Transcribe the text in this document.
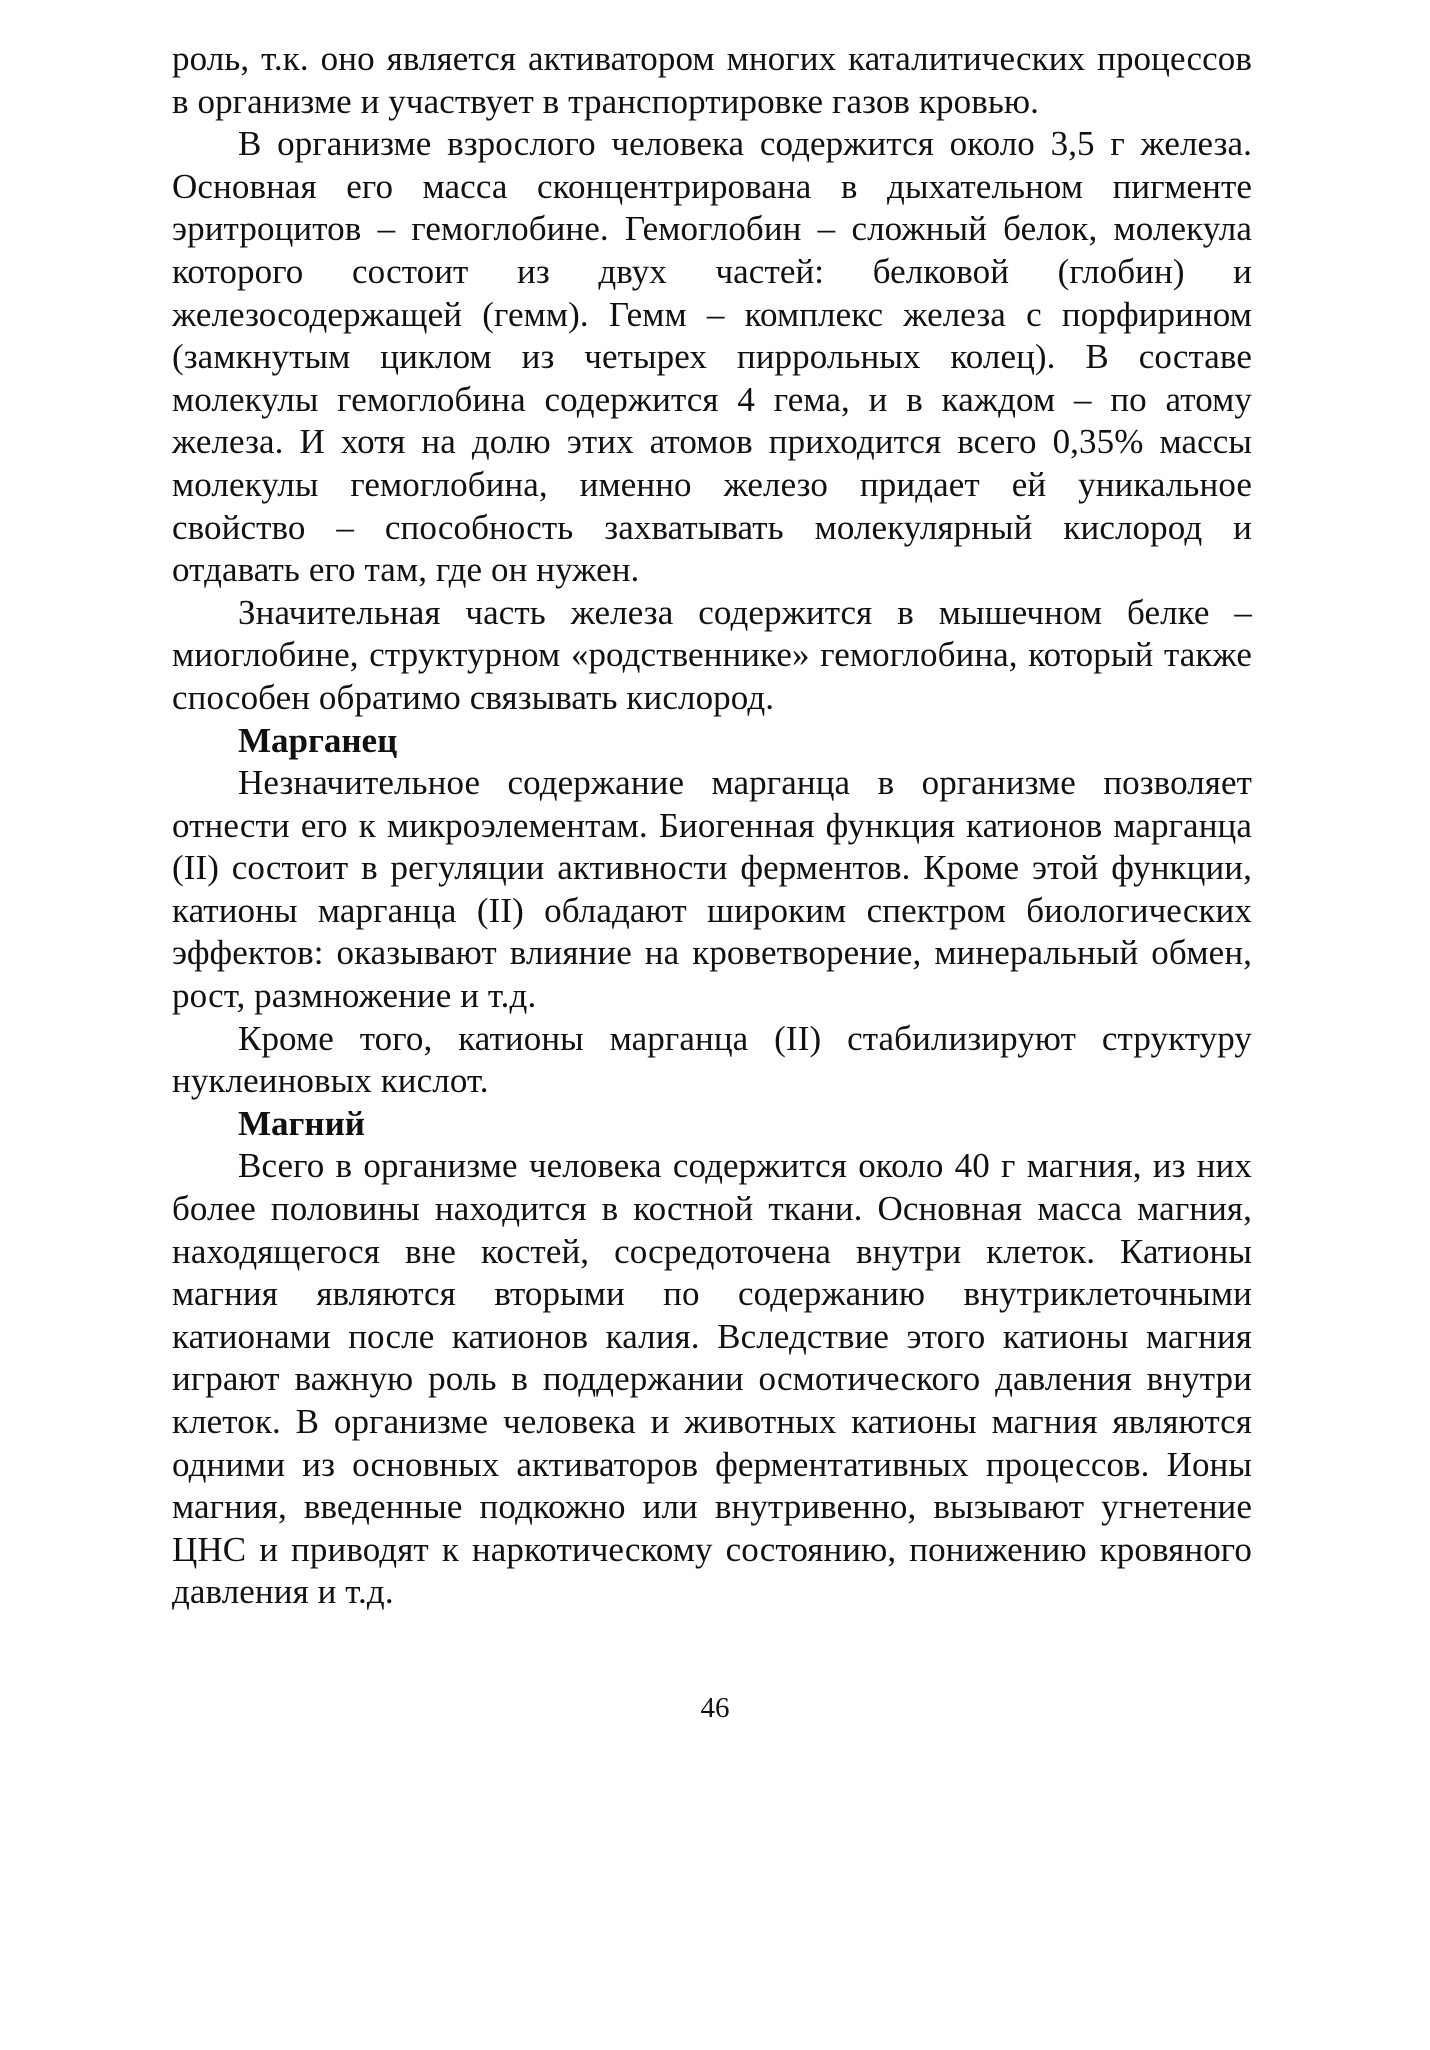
роль, т.к. оно является активатором многих каталитических процессов в организме и участвует в транспортировке газов кровью.

В организме взрослого человека содержится около 3,5 г железа. Основная его масса сконцентрирована в дыхательном пигменте эритроцитов – гемоглобине. Гемоглобин – сложный белок, молекула которого состоит из двух частей: белковой (глобин) и железосодержащей (гемм). Гемм – комплекс железа с порфирином (замкнутым циклом из четырех пиррольных колец). В составе молекулы гемоглобина содержится 4 гема, и в каждом – по атому железа. И хотя на долю этих атомов приходится всего 0,35% массы молекулы гемоглобина, именно железо придает ей уникальное свойство – способность захватывать молекулярный кислород и отдавать его там, где он нужен.

Значительная часть железа содержится в мышечном белке – миоглобине, структурном «родственнике» гемоглобина, который также способен обратимо связывать кислород.

Марганец

Незначительное содержание марганца в организме позволяет отнести его к микроэлементам. Биогенная функция катионов марганца (II) состоит в регуляции активности ферментов. Кроме этой функции, катионы марганца (II) обладают широким спектром биологических эффектов: оказывают влияние на кроветворение, минеральный обмен, рост, размножение и т.д.

Кроме того, катионы марганца (II) стабилизируют структуру нуклеиновых кислот.

Магний

Всего в организме человека содержится около 40 г магния, из них более половины находится в костной ткани. Основная масса магния, находящегося вне костей, сосредоточена внутри клеток. Катионы магния являются вторыми по содержанию внутриклеточными катионами после катионов калия. Вследствие этого катионы магния играют важную роль в поддержании осмотического давления внутри клеток. В организме человека и животных катионы магния являются одними из основных активаторов ферментативных процессов. Ионы магния, введенные подкожно или внутривенно, вызывают угнетение ЦНС и приводят к наркотическому состоянию, понижению кровяного давления и т.д.

46
